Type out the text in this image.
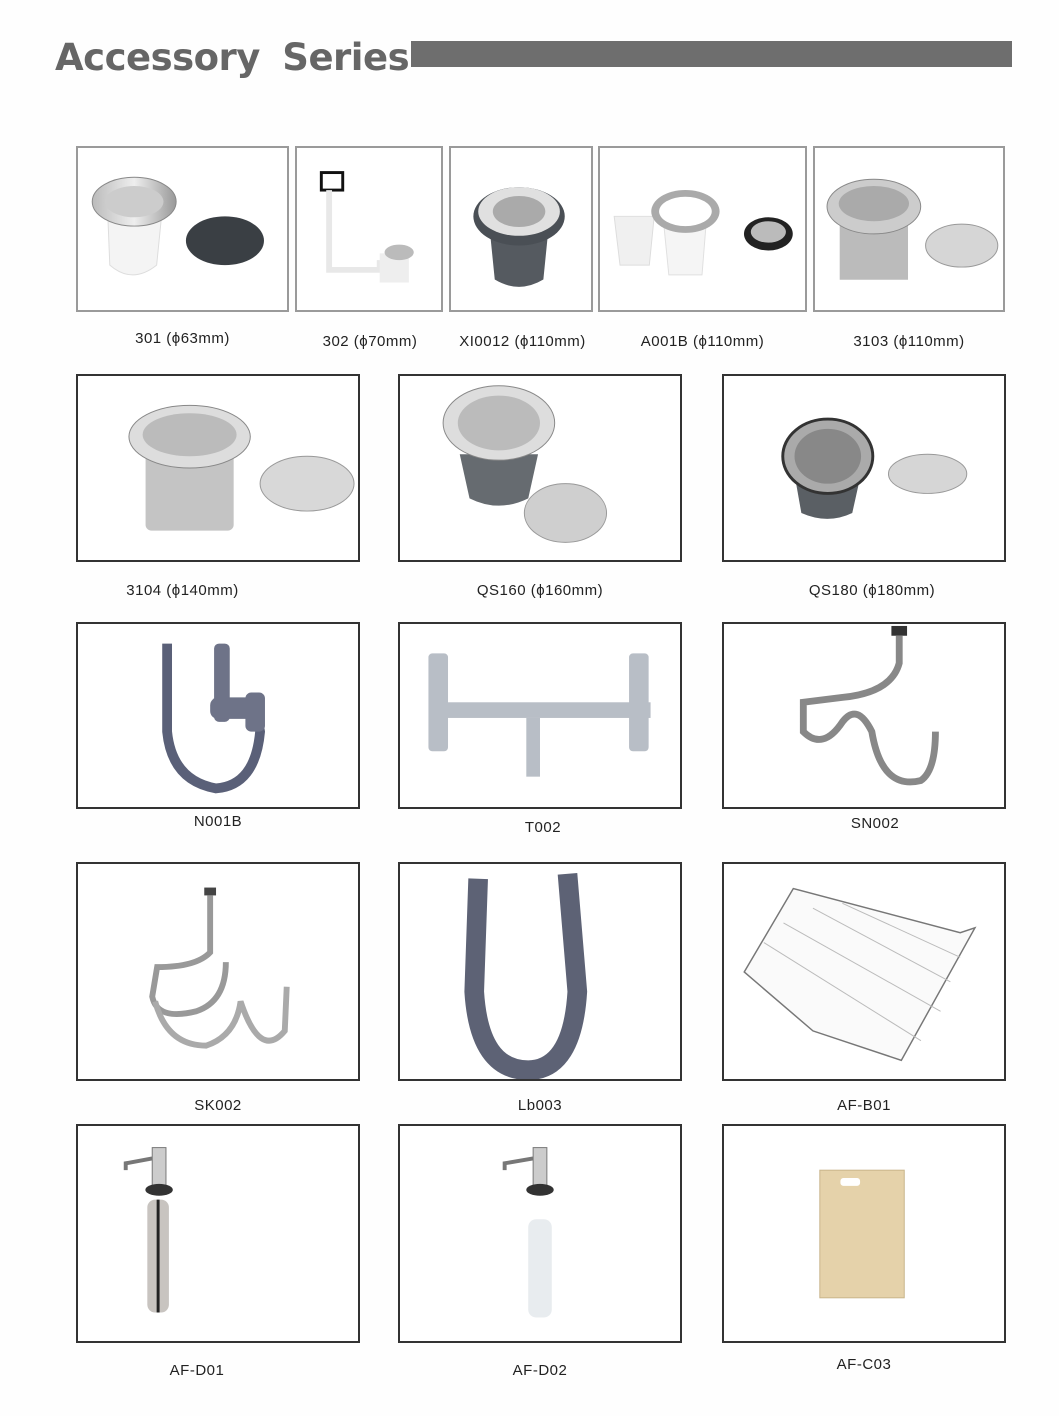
Accessory Series
301 (ϕ63mm)	302 (ϕ70mm)	XI0012 (ϕ110mm)	A001B (ϕ110mm)	3103 (ϕ110mm)
3104 (ϕ140mm)	QS160 (ϕ160mm)	QS180 (ϕ180mm)
N001B	T002	SN002
SK002	Lb003	AF-B01
AF-D01	AF-D02	AF-C03
